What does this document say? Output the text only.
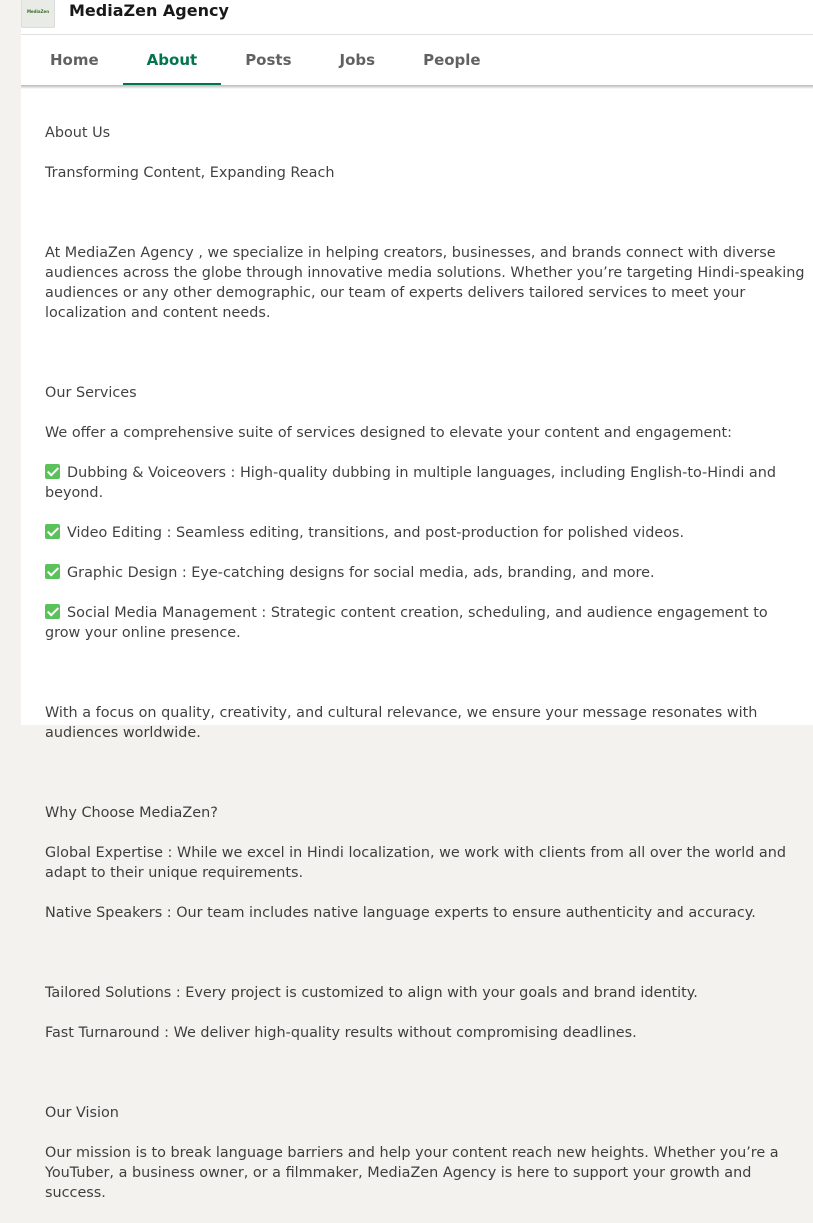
MediaZen MediaZen Agency
Home	About	Posts	Jobs	People

About Us

Transforming Content, Expanding Reach

At MediaZen Agency , we specialize in helping creators, businesses, and brands connect with diverse audiences across the globe through innovative media solutions. Whether you’re targeting Hindi-speaking audiences or any other demographic, our team of experts delivers tailored services to meet your localization and content needs.

Our Services

We offer a comprehensive suite of services designed to elevate your content and engagement:

Dubbing & Voiceovers : High-quality dubbing in multiple languages, including English-to-Hindi and beyond.

Video Editing : Seamless editing, transitions, and post-production for polished videos.

Graphic Design : Eye-catching designs for social media, ads, branding, and more.

Social Media Management : Strategic content creation, scheduling, and audience engagement to grow your online presence.

With a focus on quality, creativity, and cultural relevance, we ensure your message resonates with audiences worldwide.

Why Choose MediaZen?

Global Expertise : While we excel in Hindi localization, we work with clients from all over the world and adapt to their unique requirements.

Native Speakers : Our team includes native language experts to ensure authenticity and accuracy.

Tailored Solutions : Every project is customized to align with your goals and brand identity.

Fast Turnaround : We deliver high-quality results without compromising deadlines.

Our Vision

Our mission is to break language barriers and help your content reach new heights. Whether you’re a YouTuber, a business owner, or a filmmaker, MediaZen Agency is here to support your growth and success.
